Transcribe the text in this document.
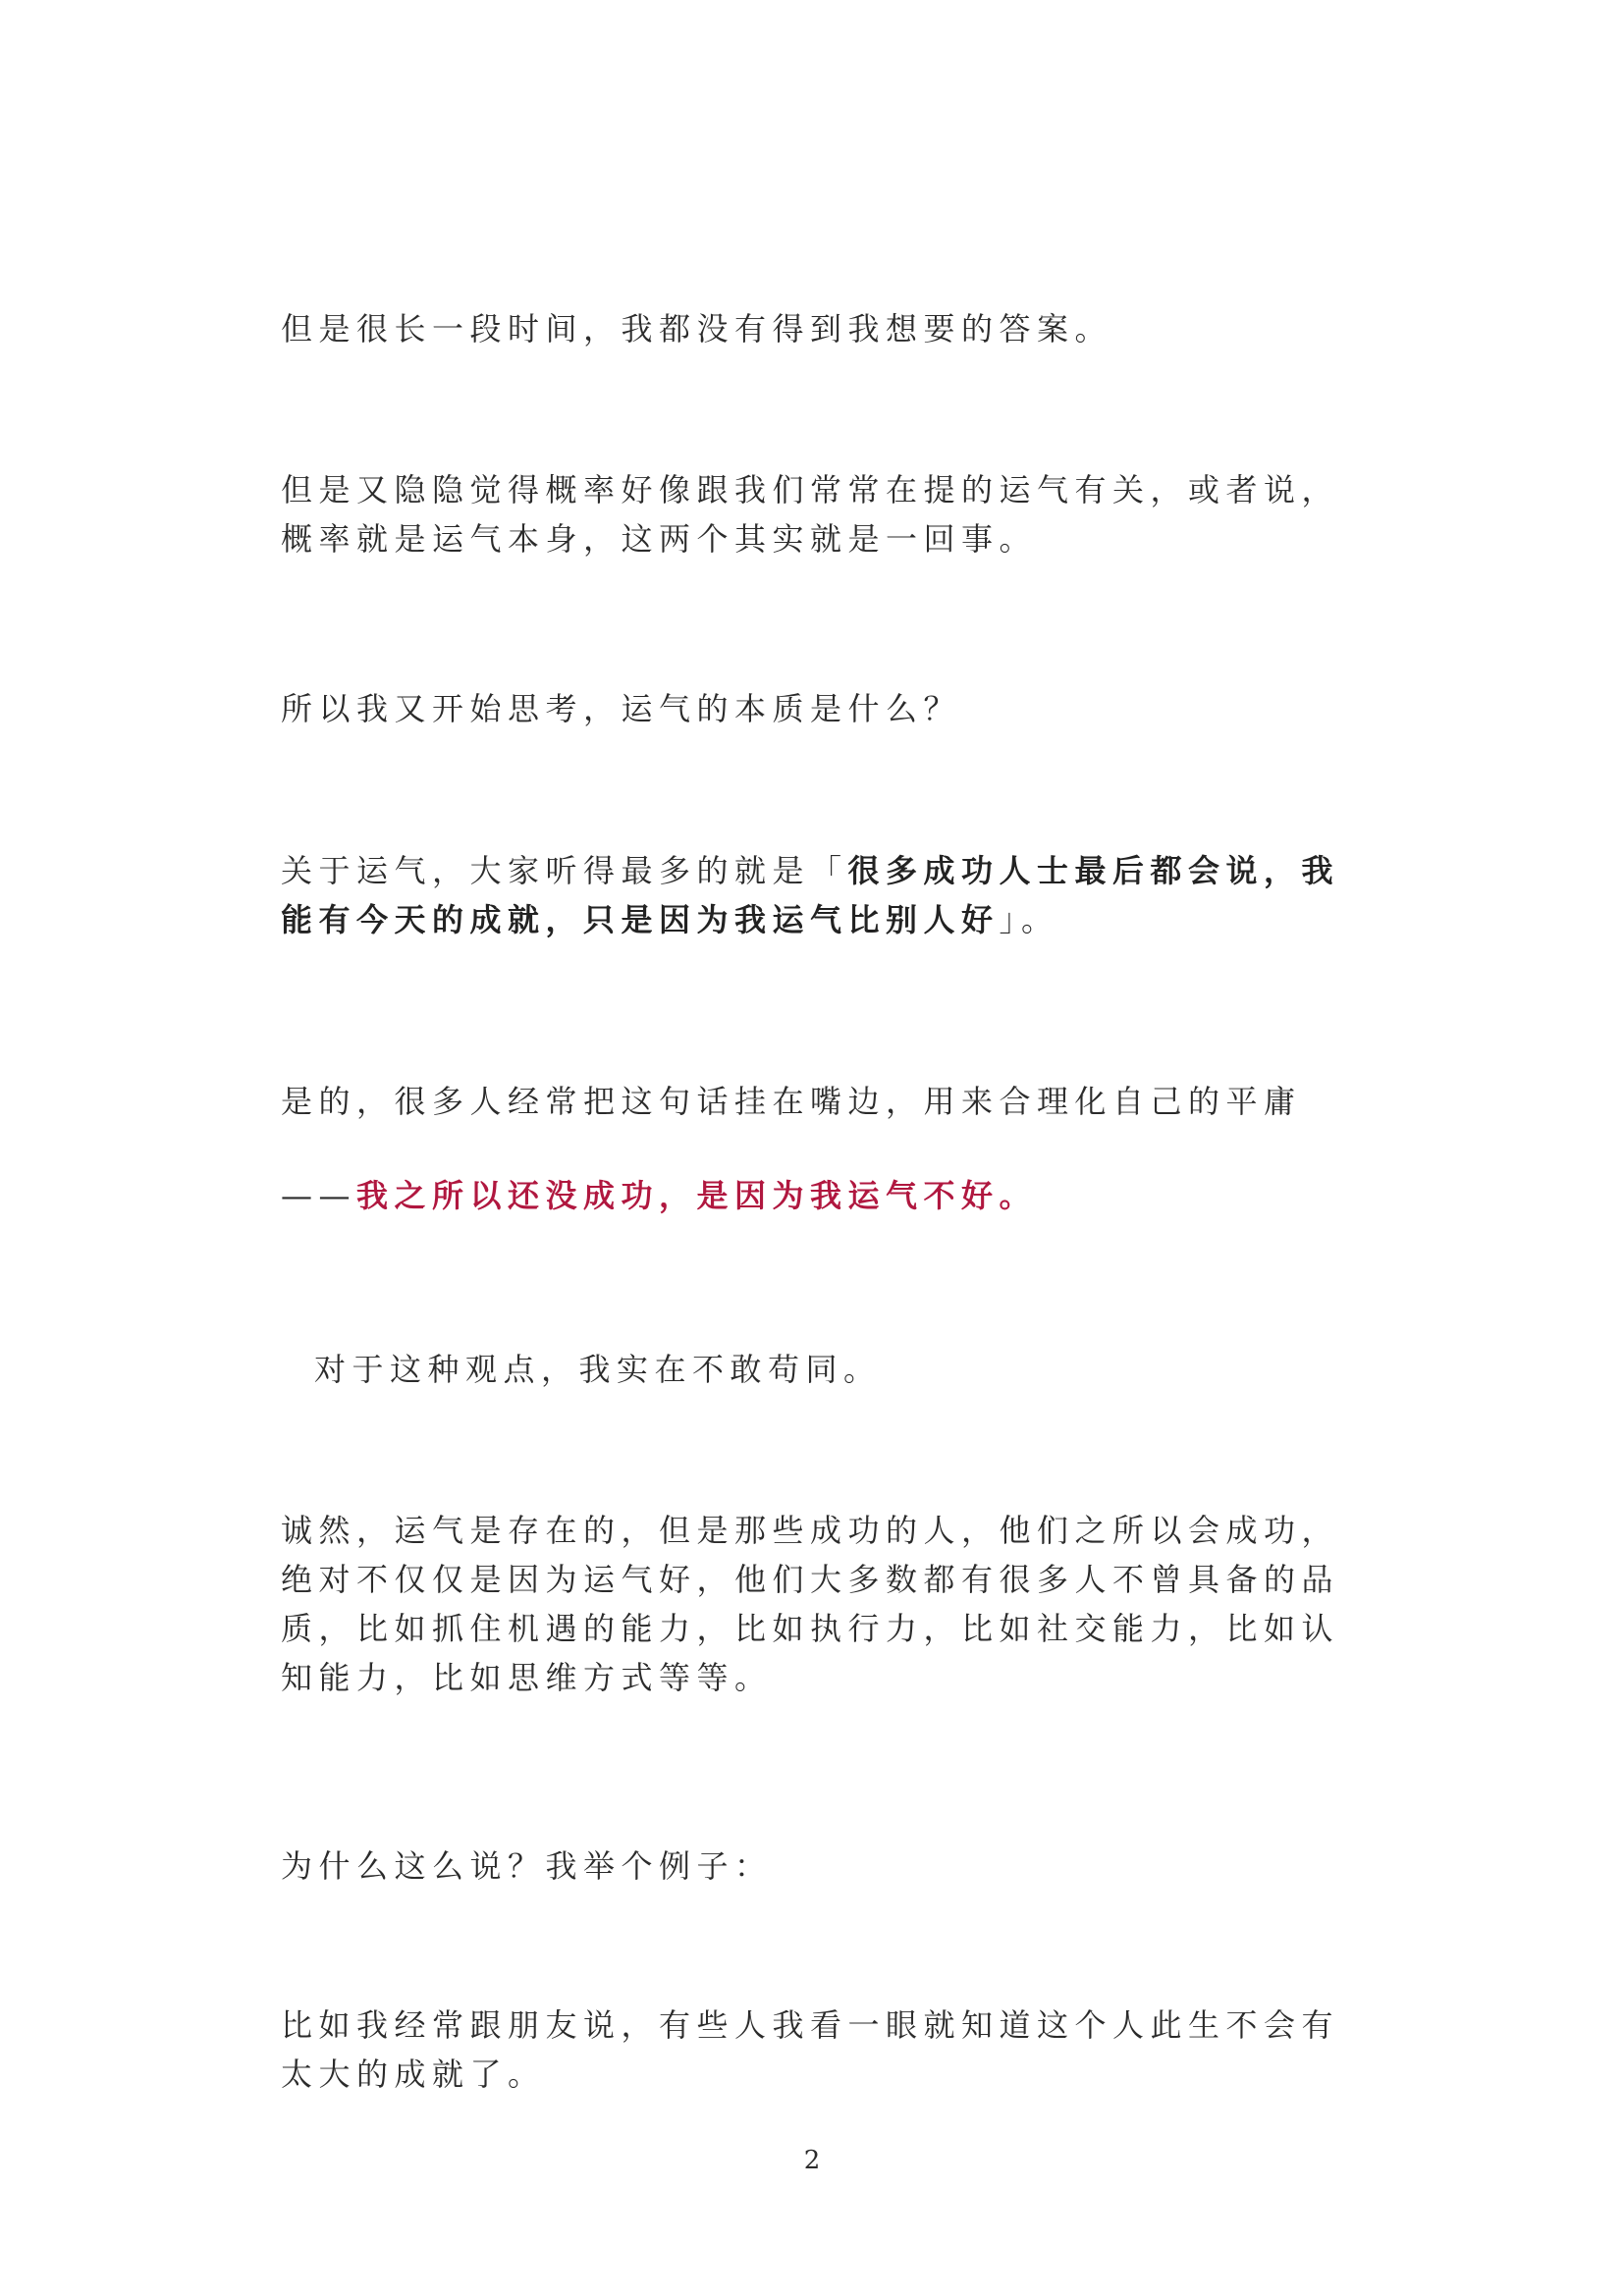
但是很长一段时间，我都没有得到我想要的答案。

但是又隐隐觉得概率好像跟我们常常在提的运气有关，或者说，概率就是运气本身，这两个其实就是一回事。

所以我又开始思考，运气的本质是什么？

关于运气，大家听得最多的就是「很多成功人士最后都会说，我能有今天的成就，只是因为我运气比别人好」。

是的，很多人经常把这句话挂在嘴边，用来合理化自己的平庸——我之所以还没成功，是因为我运气不好。

对于这种观点，我实在不敢苟同。

诚然，运气是存在的，但是那些成功的人，他们之所以会成功，绝对不仅仅是因为运气好，他们大多数都有很多人不曾具备的品质，比如抓住机遇的能力，比如执行力，比如社交能力，比如认知能力，比如思维方式等等。

为什么这么说？我举个例子：

比如我经常跟朋友说，有些人我看一眼就知道这个人此生不会有太大的成就了。

2
